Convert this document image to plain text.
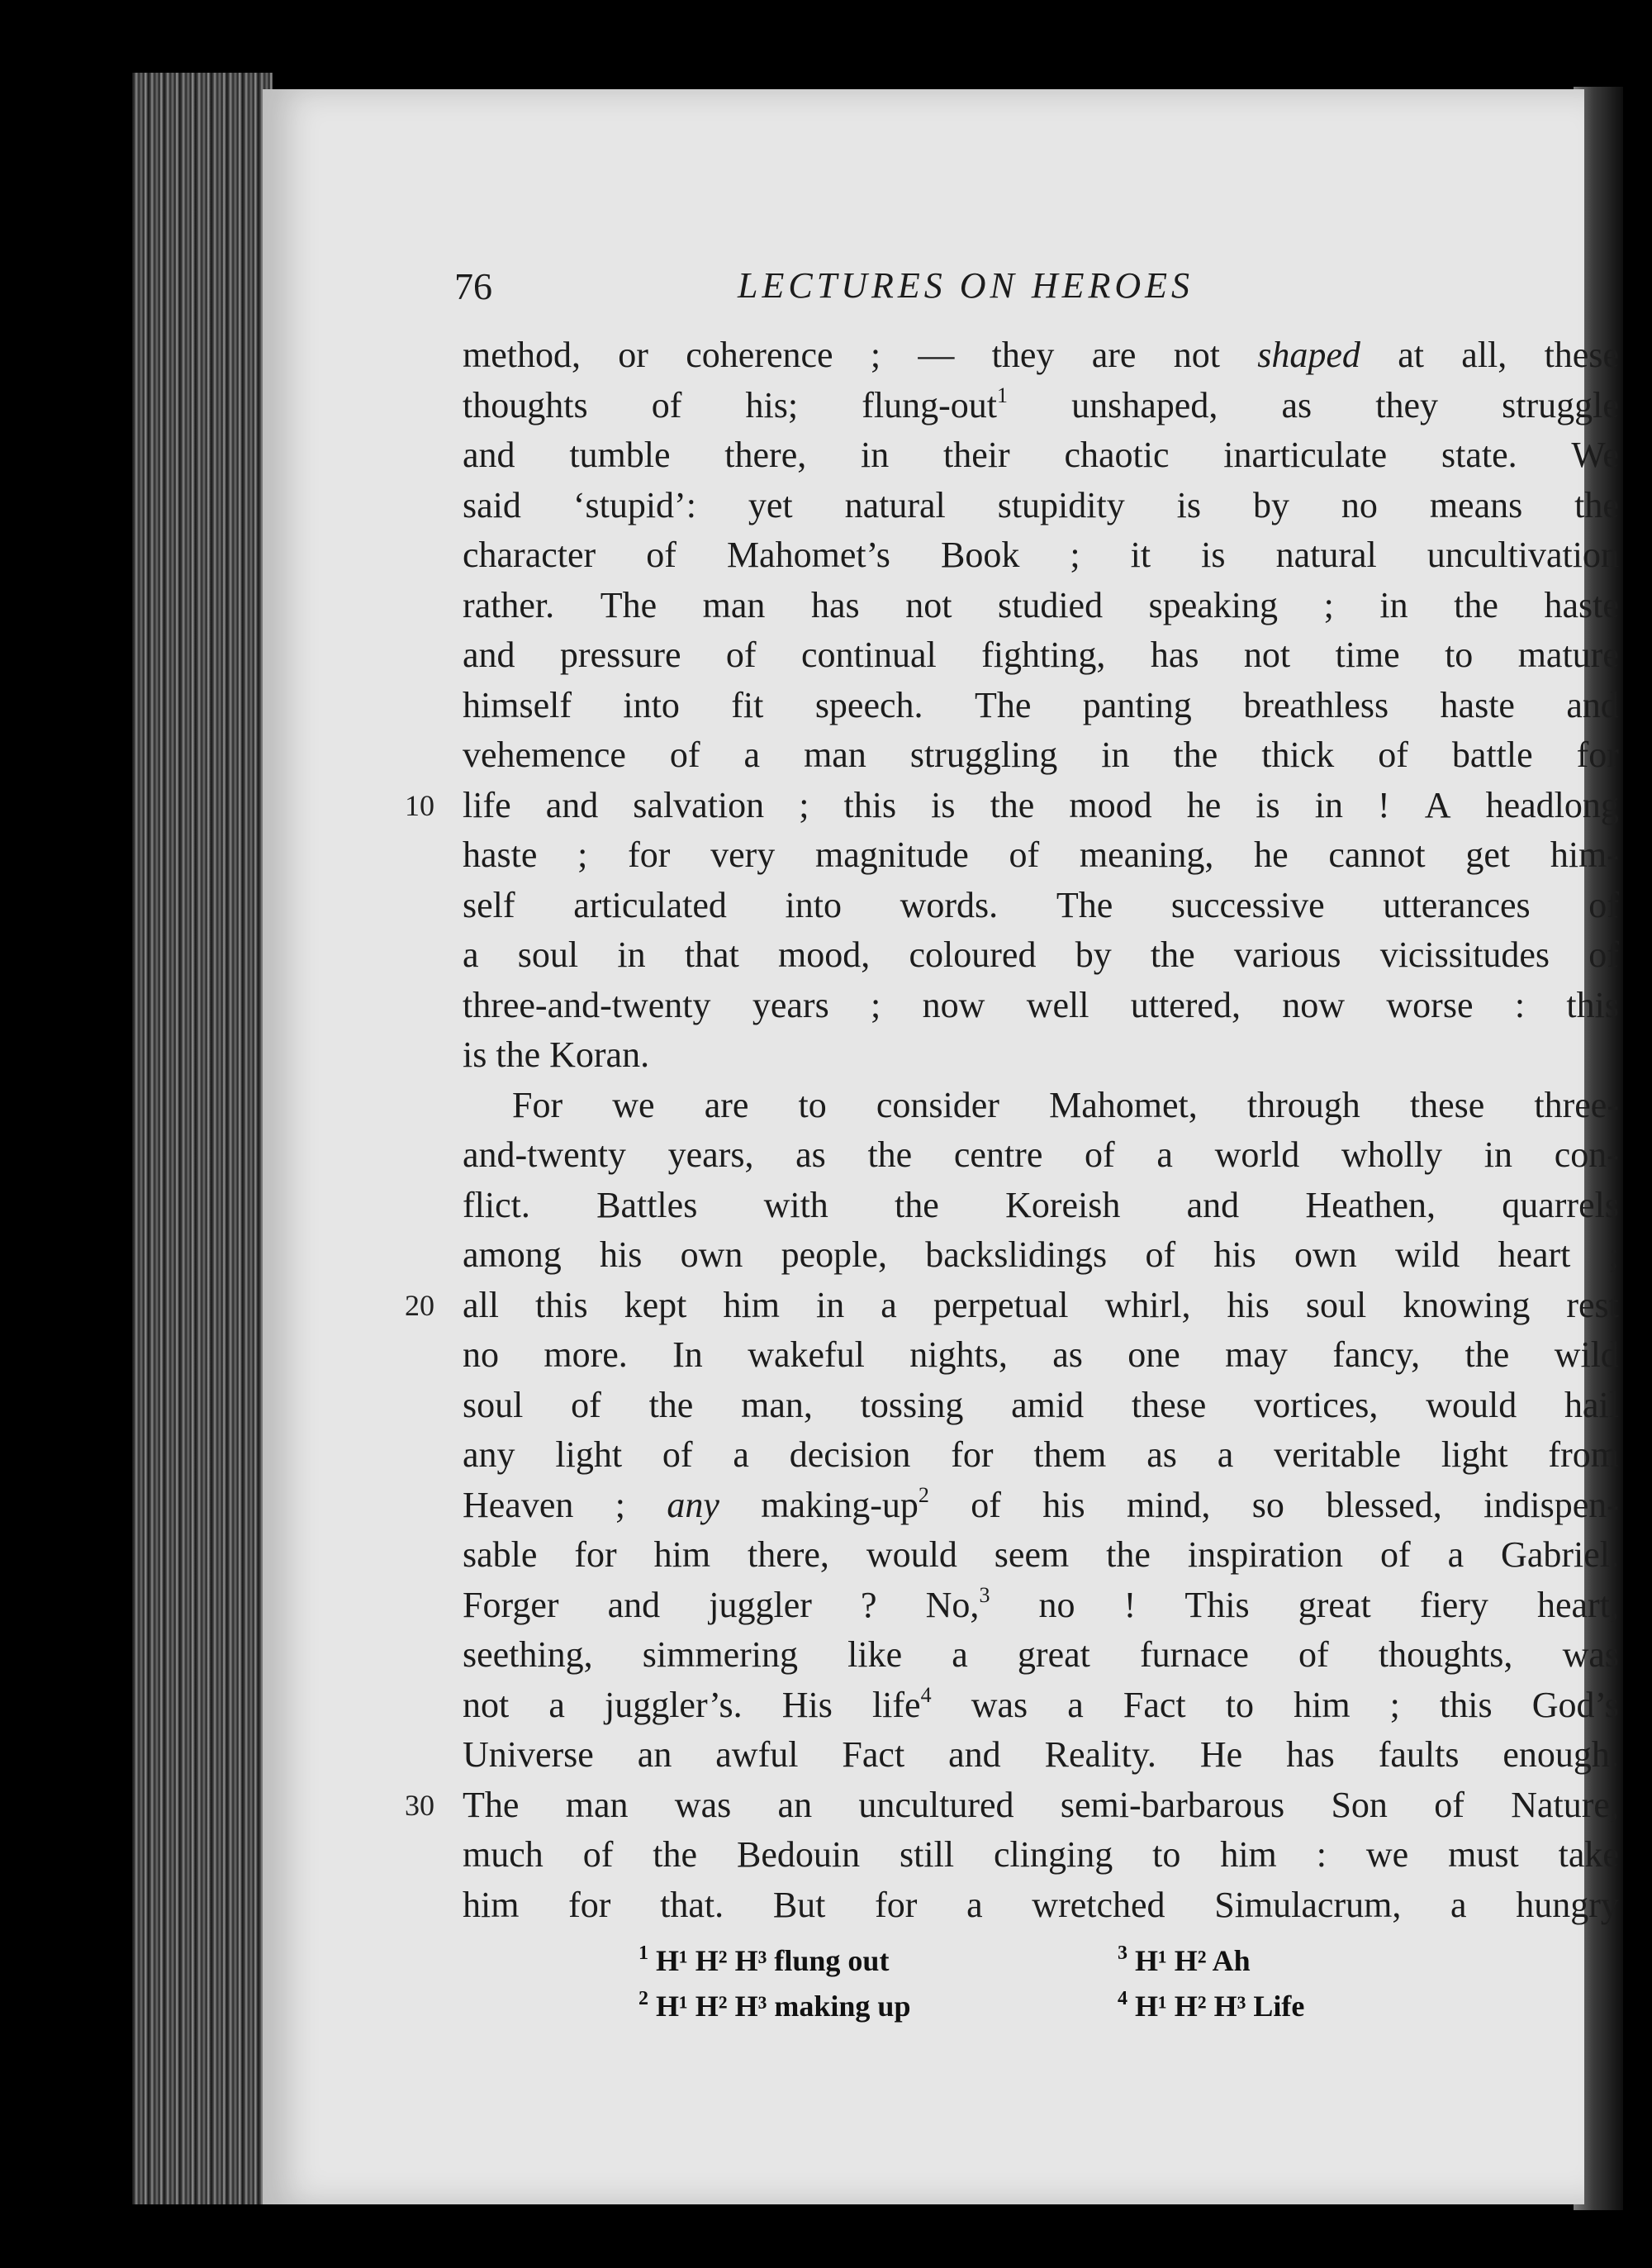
76	LECTURES ON HEROES
method, or coherence ; — they are not shaped at all, these
thoughts of his; flung-out$^1$ unshaped, as they struggle
and tumble there, in their chaotic inarticulate state. We
said ‘stupid’: yet natural stupidity is by no means the
character of Mahomet’s Book ; it is natural uncultivation
rather. The man has not studied speaking ; in the haste
and pressure of continual fighting, has not time to mature
himself into fit speech. The panting breathless haste and
vehemence of a man struggling in the thick of battle for
life and salvation ; this is the mood he is in ! A headlong
10
haste ; for very magnitude of meaning, he cannot get him-
self articulated into words. The successive utterances of
a soul in that mood, coloured by the various vicissitudes of
three-and-twenty years ; now well uttered, now worse : this
is the Koran.
For we are to consider Mahomet, through these three-
and-twenty years, as the centre of a world wholly in con-
flict. Battles with the Koreish and Heathen, quarrels
among his own people, backslidings of his own wild heart ;
all this kept him in a perpetual whirl, his soul knowing rest
20
no more. In wakeful nights, as one may fancy, the wild
soul of the man, tossing amid these vortices, would hail
any light of a decision for them as a veritable light from
Heaven ; any making-$up^2$ of his mind, so blessed, indispen-
sable for him there, would seem the inspiration of a Gabriel.
Forger and juggler ? No,$^3$ no ! This great fiery heart,
seething, simmering like a great furnace of thoughts, was
not a juggler’s. His life$^4$ was a Fact to him ; this God’s
Universe an awful Fact and Reality. He has faults enough.
The man was an uncultured semi-barbarous Son of Nature,
30
much of the Bedouin still clinging to him : we must take
him for that. But for a wretched Simulacrum, a hungry
$^1$ H¹ H² H³ flung out
$^2$ H¹ H² H³ making up
$^3$ H¹ H² Ah
$^4$ H¹ H² H³ Life
